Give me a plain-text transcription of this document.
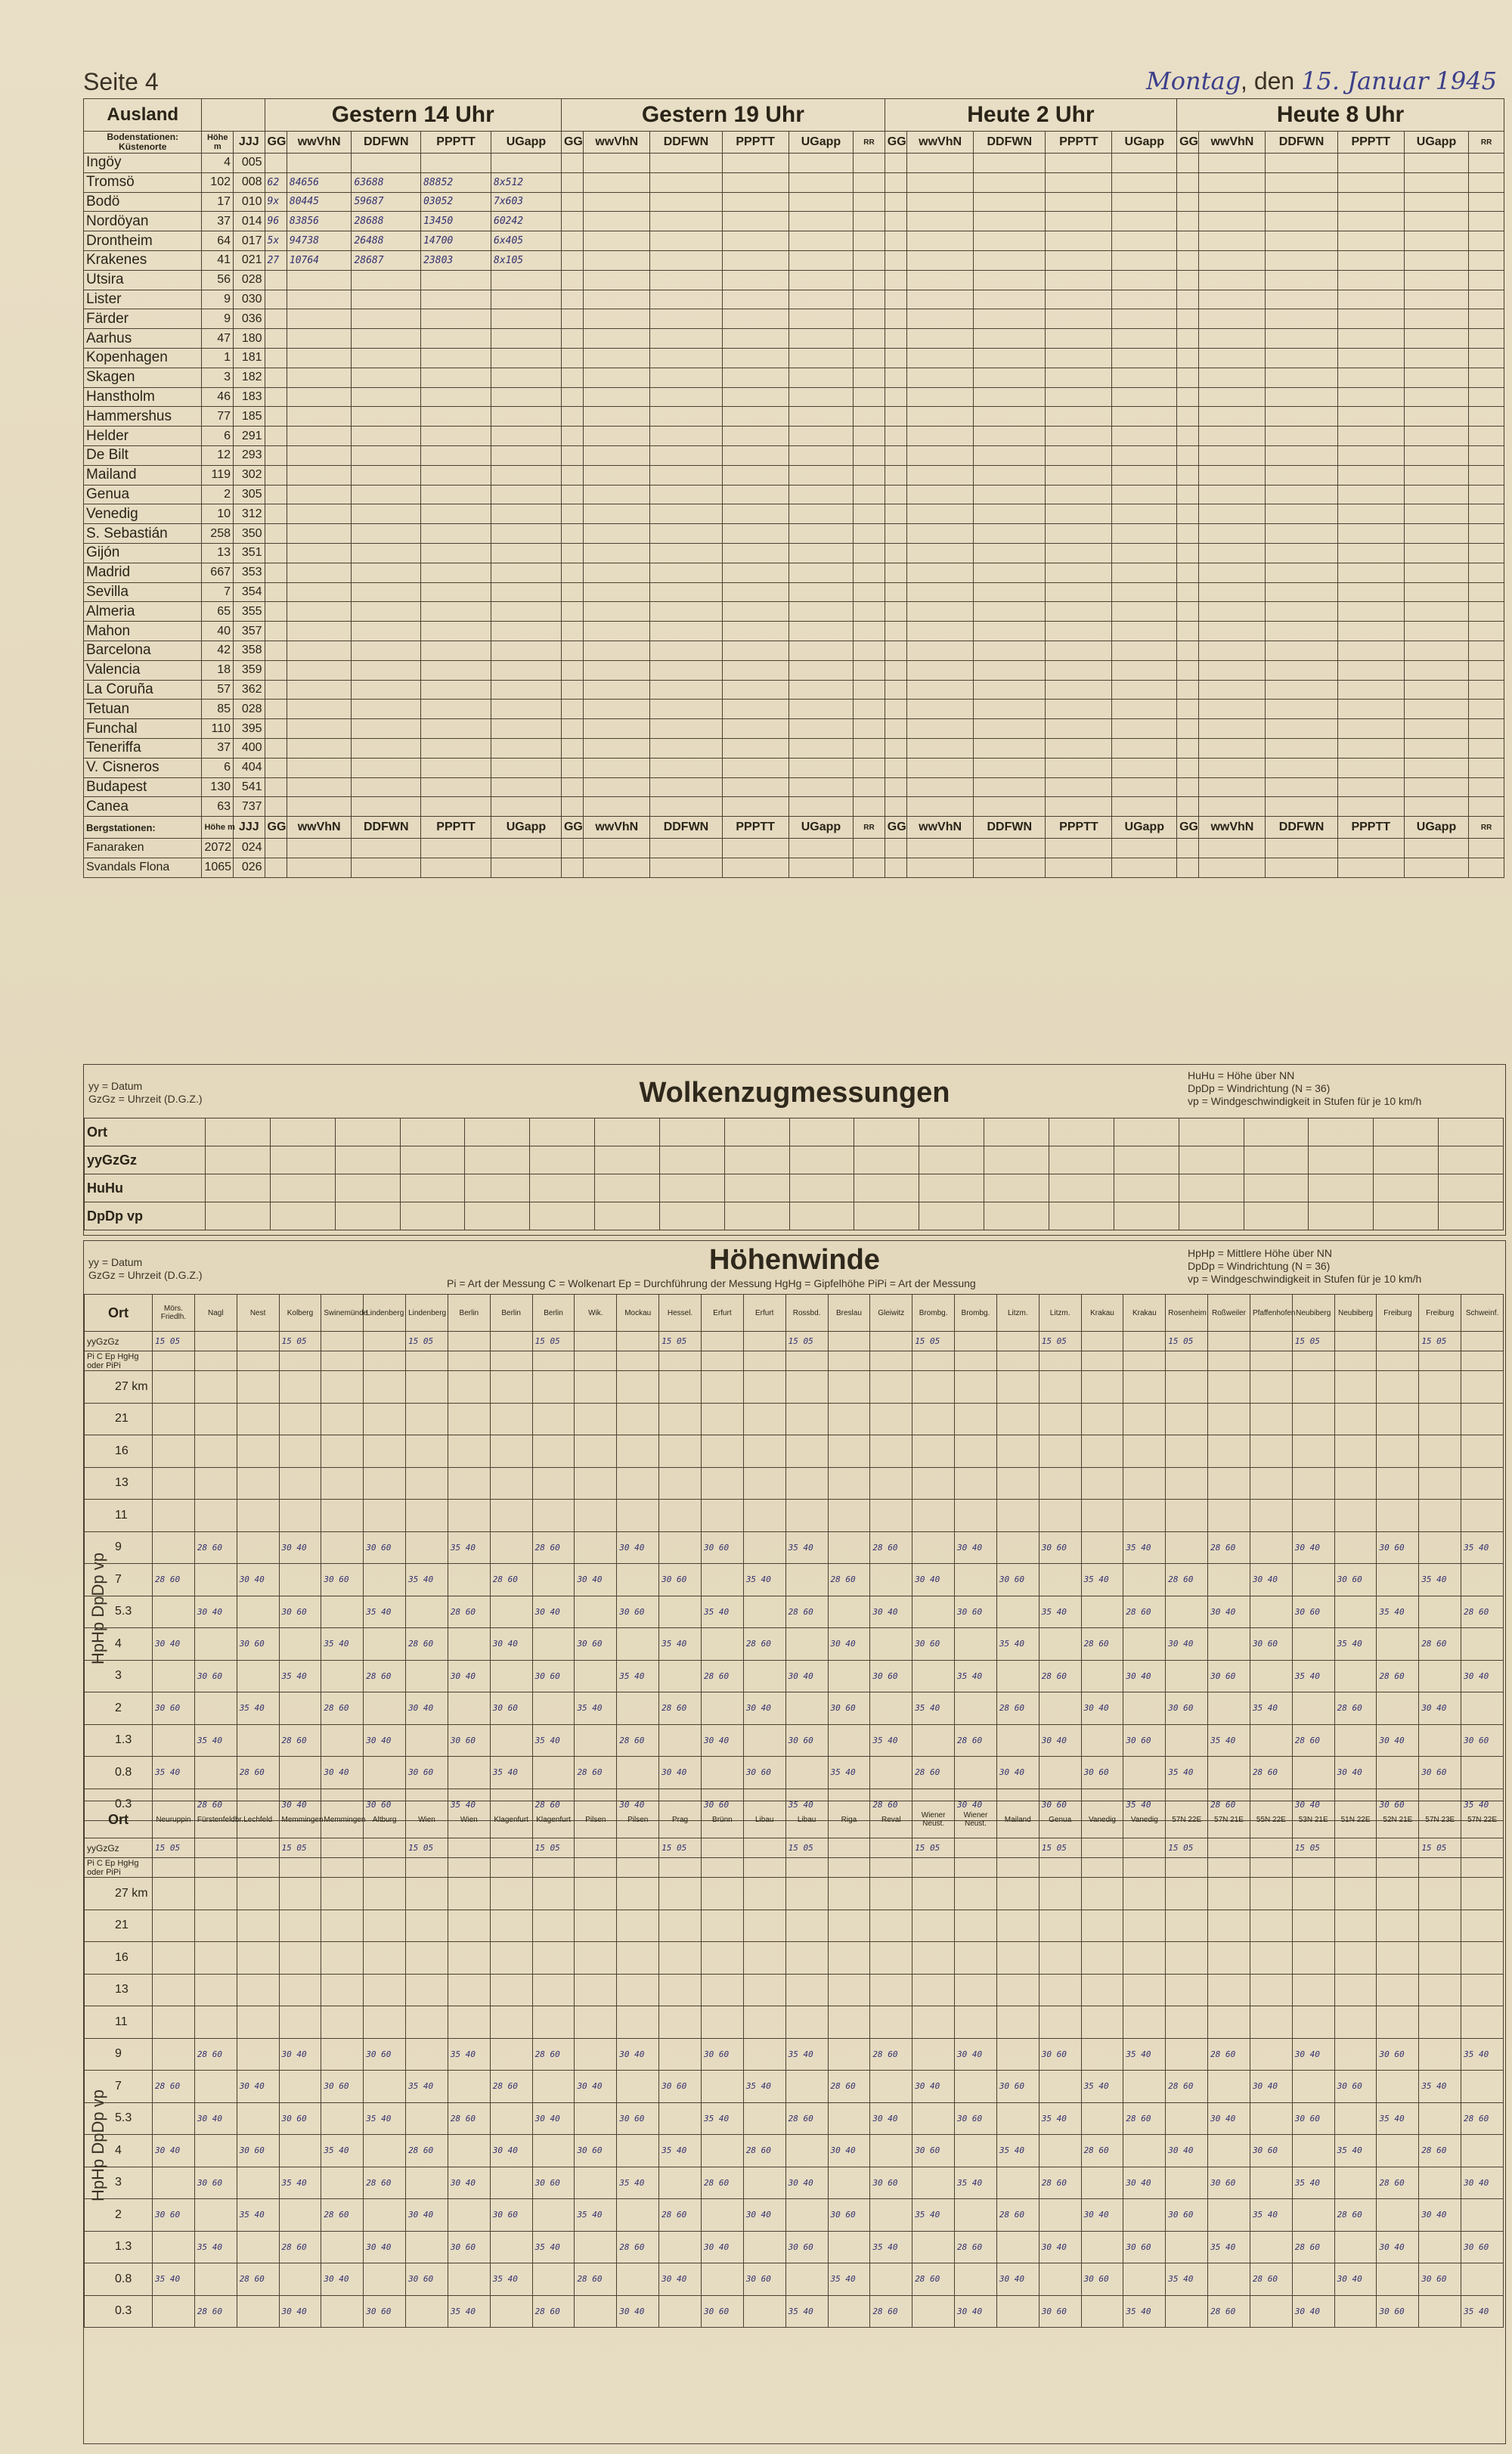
Seite 4	Montag, den 15. Januar 1945
Ausland			Gestern 14 Uhr					Gestern 19 Uhr						Heute 2 Uhr					Heute 8 Uhr					
Bodenstationen: Küstenorte	Höhe m	JJJ	GG	wwVhN	DDFWN	PPPTT	UGapp	GG	wwVhN	DDFWN	PPPTT	UGapp	RR	GG	wwVhN	DDFWN	PPPTT	UGapp	GG	wwVhN	DDFWN	PPPTT	UGapp	RR
Ingöy	4	005																						
Tromsö	102	008	62	84656	63688	88852	8x512																	
Bodö	17	010	9x	80445	59687	03052	7x603																	
Nordöyan	37	014	96	83856	28688	13450	60242																	
Drontheim	64	017	5x	94738	26488	14700	6x405																	
Krakenes	41	021	27	10764	28687	23803	8x105																	
Utsira	56	028																						
Lister	9	030																						
Färder	9	036																						
Aarhus	47	180																						
Kopenhagen	1	181																						
Skagen	3	182																						
Hanstholm	46	183																						
Hammershus	77	185																						
Helder	6	291																						
De Bilt	12	293																						
Mailand	119	302																						
Genua	2	305																						
Venedig	10	312																						
S. Sebastián	258	350																						
Gijón	13	351																						
Madrid	667	353																						
Sevilla	7	354																						
Almeria	65	355																						
Mahon	40	357																						
Barcelona	42	358																						
Valencia	18	359																						
La Coruña	57	362																						
Tetuan	85	028																						
Funchal	110	395																						
Teneriffa	37	400																						
V. Cisneros	6	404																						
Budapest	130	541																						
Canea	63	737																						
Bergstationen:	Höhe m	JJJ	GG	wwVhN	DDFWN	PPPTT	UGapp	GG	wwVhN	DDFWN	PPPTT	UGapp	RR	GG	wwVhN	DDFWN	PPPTT	UGapp	GG	wwVhN	DDFWN	PPPTT	UGapp	RR
Fanaraken	2072	024																						
Svandals Flona	1065	026																						
yy = Datum
GzGz = Uhrzeit (D.G.Z.)	Wolkenzugmessungen
HuHu = Höhe über NN
DpDp = Windrichtung (N = 36)
vp = Windgeschwindigkeit in Stufen für je 10 km/h
Ort																				
yyGzGz																				
HuHu																				
DpDp vp																				
yy = Datum
GzGz = Uhrzeit (D.G.Z.)	Höhenwinde
Pi = Art der Messung C = Wolkenart Ep = Durchführung der Messung HgHg = Gipfelhöhe PiPi = Art der Messung
HpHp = Mittlere Höhe über NN
DpDp = Windrichtung (N = 36)
vp = Windgeschwindigkeit in Stufen für je 10 km/h
Ort	Mörs. Friedlh.	Nagl	Nest	Kolberg	Swinemünde	Lindenberg	Lindenberg	Berlin	Berlin	Berlin	Wik.	Mockau	Hessel.	Erfurt	Erfurt	Rossbd.	Breslau	Gleiwitz	Brombg.	Brombg.	Litzm.	Litzm.	Krakau	Krakau	Rosenheim	Roßweiler	Pfaffenhofen	Neubiberg	Neubiberg	Freiburg	Freiburg	Schweinf.
yyGzGz	15 05			15 05			15 05			15 05			15 05			15 05			15 05			15 05			15 05			15 05			15 05	
Pi C Ep HgHg oder PiPi																																
27 km																																
21																																
16																																
13																																
11																																
9		28 60		30 40		30 60		35 40		28 60		30 40		30 60		35 40		28 60		30 40		30 60		35 40		28 60		30 40		30 60		35 40
7	28 60		30 40		30 60		35 40		28 60		30 40		30 60		35 40		28 60		30 40		30 60		35 40		28 60		30 40		30 60		35 40	
5.3		30 40		30 60		35 40		28 60		30 40		30 60		35 40		28 60		30 40		30 60		35 40		28 60		30 40		30 60		35 40		28 60
4	30 40		30 60		35 40		28 60		30 40		30 60		35 40		28 60		30 40		30 60		35 40		28 60		30 40		30 60		35 40		28 60	
3		30 60		35 40		28 60		30 40		30 60		35 40		28 60		30 40		30 60		35 40		28 60		30 40		30 60		35 40		28 60		30 40
2	30 60		35 40		28 60		30 40		30 60		35 40		28 60		30 40		30 60		35 40		28 60		30 40		30 60		35 40		28 60		30 40	
1.3		35 40		28 60		30 40		30 60		35 40		28 60		30 40		30 60		35 40		28 60		30 40		30 60		35 40		28 60		30 40		30 60
0.8	35 40		28 60		30 40		30 60		35 40		28 60		30 40		30 60		35 40		28 60		30 40		30 60		35 40		28 60		30 40		30 60	
0.3		28 60		30 40		30 60		35 40		28 60		30 40		30 60		35 40		28 60		30 40		30 60		35 40		28 60		30 40		30 60		35 40
HpHp DpDp vp
Ort	Neuruppin	Fürstenfeldbr.	Lechfeld	Memmingen	Memmingen	Altburg	Wien	Wien	Klagenfurt	Klagenfurt	Pilsen	Pilsen	Prag	Brünn	Libau	Libau	Riga	Reval	Wiener Neust.	Wiener Neust.	Mailand	Genua	Vanedig	Vanedig	57N 22E	57N 21E	55N 22E	53N 21E	51N 22E	52N 21E	57N 23E	57N 22E
yyGzGz	15 05			15 05			15 05			15 05			15 05			15 05			15 05			15 05			15 05			15 05			15 05	
Pi C Ep HgHg oder PiPi																																
27 km																																
21																																
16																																
13																																
11																																
9		28 60		30 40		30 60		35 40		28 60		30 40		30 60		35 40		28 60		30 40		30 60		35 40		28 60		30 40		30 60		35 40
7	28 60		30 40		30 60		35 40		28 60		30 40		30 60		35 40		28 60		30 40		30 60		35 40		28 60		30 40		30 60		35 40	
5.3		30 40		30 60		35 40		28 60		30 40		30 60		35 40		28 60		30 40		30 60		35 40		28 60		30 40		30 60		35 40		28 60
4	30 40		30 60		35 40		28 60		30 40		30 60		35 40		28 60		30 40		30 60		35 40		28 60		30 40		30 60		35 40		28 60	
3		30 60		35 40		28 60		30 40		30 60		35 40		28 60		30 40		30 60		35 40		28 60		30 40		30 60		35 40		28 60		30 40
2	30 60		35 40		28 60		30 40		30 60		35 40		28 60		30 40		30 60		35 40		28 60		30 40		30 60		35 40		28 60		30 40	
1.3		35 40		28 60		30 40		30 60		35 40		28 60		30 40		30 60		35 40		28 60		30 40		30 60		35 40		28 60		30 40		30 60
0.8	35 40		28 60		30 40		30 60		35 40		28 60		30 40		30 60		35 40		28 60		30 40		30 60		35 40		28 60		30 40		30 60	
0.3		28 60		30 40		30 60		35 40		28 60		30 40		30 60		35 40		28 60		30 40		30 60		35 40		28 60		30 40		30 60		35 40
HpHp DpDp vp
